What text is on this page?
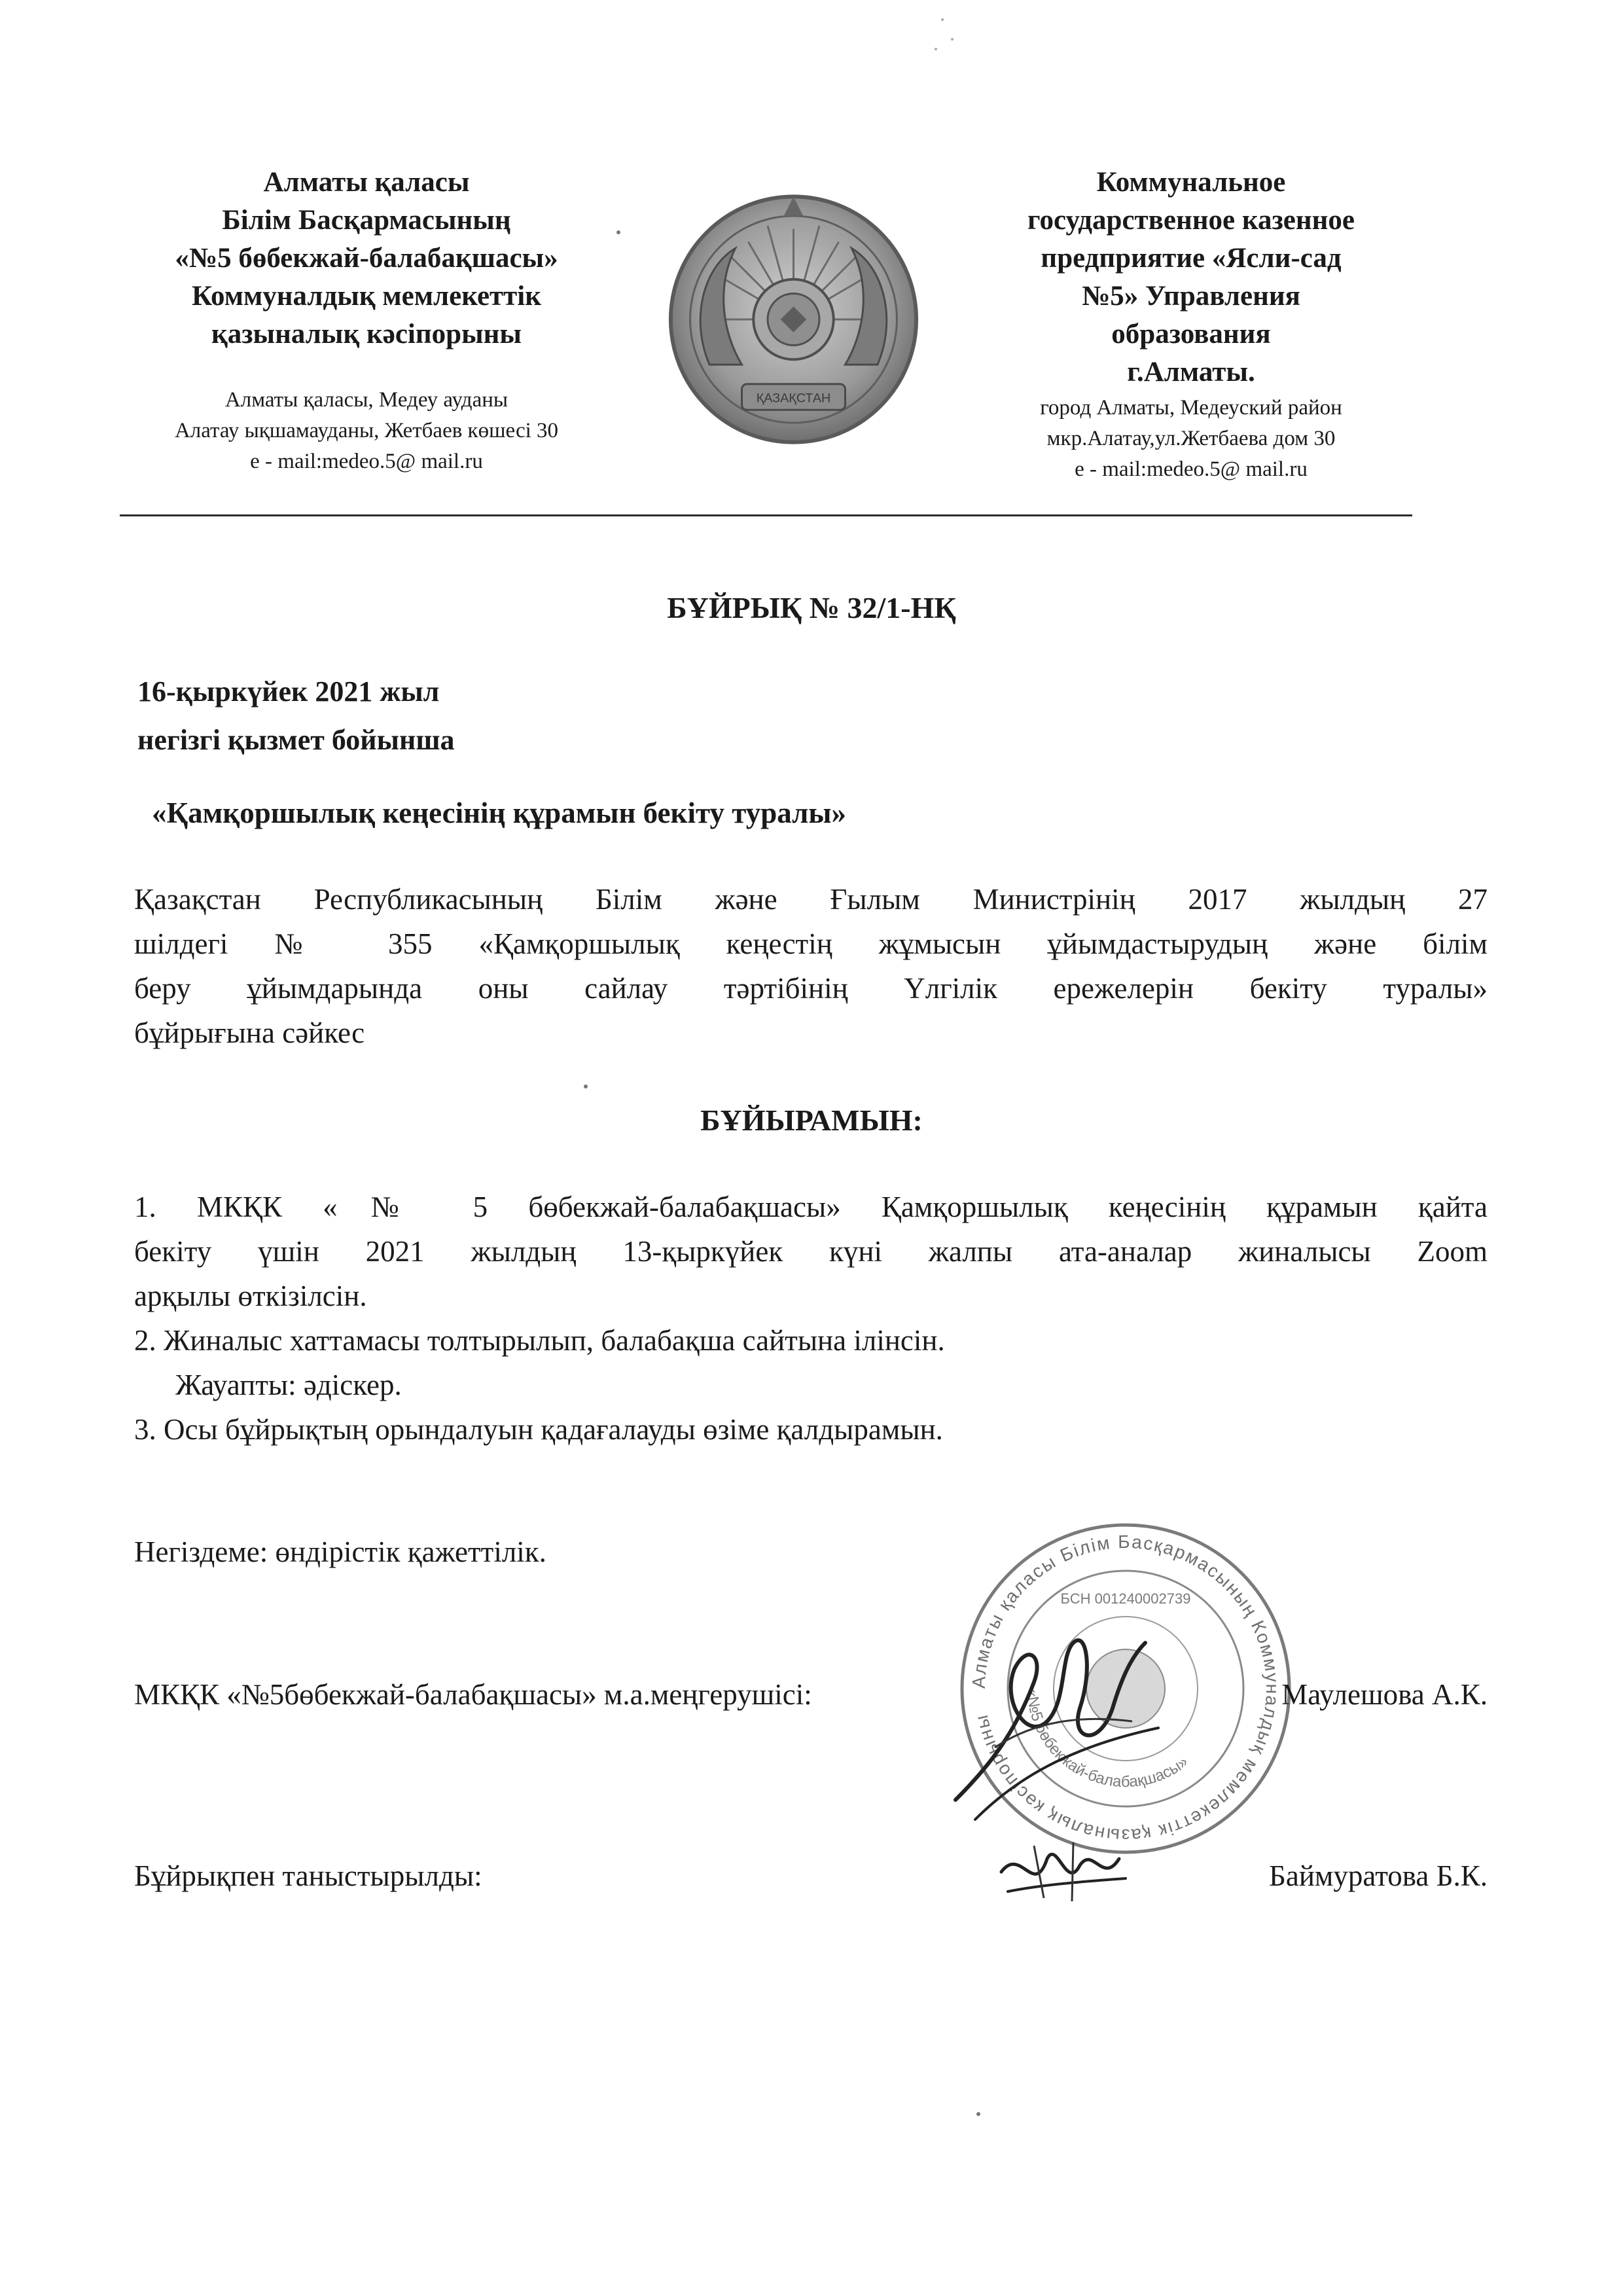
Алматы қаласы
Білім Басқармасының
«№5 бөбекжай-балабақшасы»
Коммуналдық мемлекеттік
қазыналық кәсіпорыны
Алматы қаласы, Медеу ауданы
Алатау ықшамауданы, Жетбаев көшесі 30
e - mail:medeo.5@ mail.ru
ҚАЗАҚСТАН
Коммунальное
государственное казенное
предприятие «Ясли-сад
№5» Управления
образования
г.Алматы.
город Алматы, Медеуский район
мкр.Алатау,ул.Жетбаева дом 30
e - mail:medeo.5@ mail.ru
БҰЙРЫҚ № 32/1-НҚ
16-қыркүйек 2021 жыл
негізгі қызмет бойынша
«Қамқоршылық кеңесінің құрамын бекіту туралы»
Қазақстан Республикасының Білім және Ғылым Министрінің 2017 жылдың 27
шілдегі № 355 «Қамқоршылық кеңестің жұмысын ұйымдастырудың және білім
беру ұйымдарында оны сайлау тәртібінің Үлгілік ережелерін бекіту туралы»
бұйрығына сәйкес
БҰЙЫРАМЫН:
1. МКҚК «№ 5 бөбекжай-балабақшасы» Қамқоршылық кеңесінің құрамын қайта
бекіту үшін 2021 жылдың 13-қыркүйек күні жалпы ата-аналар жиналысы Zoom
арқылы өткізілсін.
2. Жиналыс хаттамасы толтырылып, балабақша сайтына ілінсін.
Жауапты: әдіскер.
3. Осы бұйрықтың орындалуын қадағалауды өзіме қалдырамын.
Негіздеме: өндірістік қажеттілік.
Алматы қаласы Білім Басқармасының Коммуналдық мемлекеттік қазыналық кәсіпорыны
«№5 бөбекжай-балабақшасы»
БСН 001240002739
МКҚК «№5бөбекжай-балабақшасы» м.а.меңгерушісі:	Маулешова А.К.
Бұйрықпен таныстырылды:	Баймуратова Б.К.
